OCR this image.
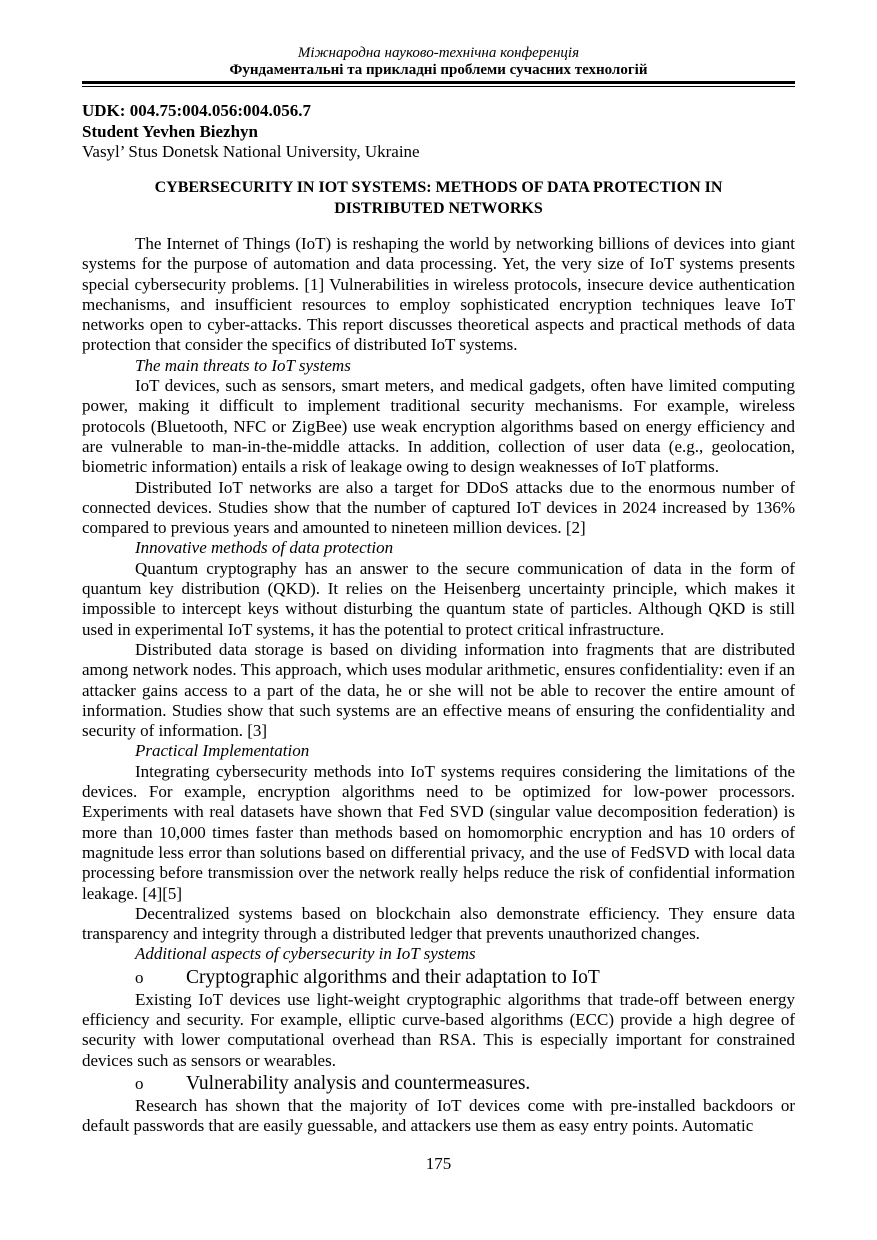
Міжнародна науково-технічна конференція
Фундаментальні та прикладні проблеми сучасних технологій
UDK: 004.75:004.056:004.056.7
Student Yevhen Biezhyn
Vasyl’ Stus Donetsk National University, Ukraine
CYBERSECURITY IN IOT SYSTEMS: METHODS OF DATA PROTECTION IN DISTRIBUTED NETWORKS

The Internet of Things (IoT) is reshaping the world by networking billions of devices into giant systems for the purpose of automation and data processing. Yet, the very size of IoT systems presents special cybersecurity problems. [1] Vulnerabilities in wireless protocols, insecure device authentication mechanisms, and insufficient resources to employ sophisticated encryption techniques leave IoT networks open to cyber-attacks. This report discusses theoretical aspects and practical methods of data protection that consider the specifics of distributed IoT systems.

The main threats to IoT systems

IoT devices, such as sensors, smart meters, and medical gadgets, often have limited computing power, making it difficult to implement traditional security mechanisms. For example, wireless protocols (Bluetooth, NFC or ZigBee) use weak encryption algorithms based on energy efficiency and are vulnerable to man-in-the-middle attacks. In addition, collection of user data (e.g., geolocation, biometric information) entails a risk of leakage owing to design weaknesses of IoT platforms.

Distributed IoT networks are also a target for DDoS attacks due to the enormous number of connected devices. Studies show that the number of captured IoT devices in 2024 increased by 136% compared to previous years and amounted to nineteen million devices. [2]

Innovative methods of data protection

Quantum cryptography has an answer to the secure communication of data in the form of quantum key distribution (QKD). It relies on the Heisenberg uncertainty principle, which makes it impossible to intercept keys without disturbing the quantum state of particles. Although QKD is still used in experimental IoT systems, it has the potential to protect critical infrastructure.

Distributed data storage is based on dividing information into fragments that are distributed among network nodes. This approach, which uses modular arithmetic, ensures confidentiality: even if an attacker gains access to a part of the data, he or she will not be able to recover the entire amount of information. Studies show that such systems are an effective means of ensuring the confidentiality and security of information. [3]

Practical Implementation

Integrating cybersecurity methods into IoT systems requires considering the limitations of the devices. For example, encryption algorithms need to be optimized for low-power processors. Experiments with real datasets have shown that Fed SVD (singular value decomposition federation) is more than 10,000 times faster than methods based on homomorphic encryption and has 10 orders of magnitude less error than solutions based on differential privacy, and the use of FedSVD with local data processing before transmission over the network really helps reduce the risk of confidential information leakage. [4][5]

Decentralized systems based on blockchain also demonstrate efficiency. They ensure data transparency and integrity through a distributed ledger that prevents unauthorized changes.

Additional aspects of cybersecurity in IoT systems
o	Cryptographic algorithms and their adaptation to IoT

Existing IoT devices use light-weight cryptographic algorithms that trade-off between energy efficiency and security. For example, elliptic curve-based algorithms (ECC) provide a high degree of security with lower computational overhead than RSA. This is especially important for constrained devices such as sensors or wearables.

o	Vulnerability analysis and countermeasures.

Research has shown that the majority of IoT devices come with pre-installed backdoors or default passwords that are easily guessable, and attackers use them as easy entry points. Automatic

175
